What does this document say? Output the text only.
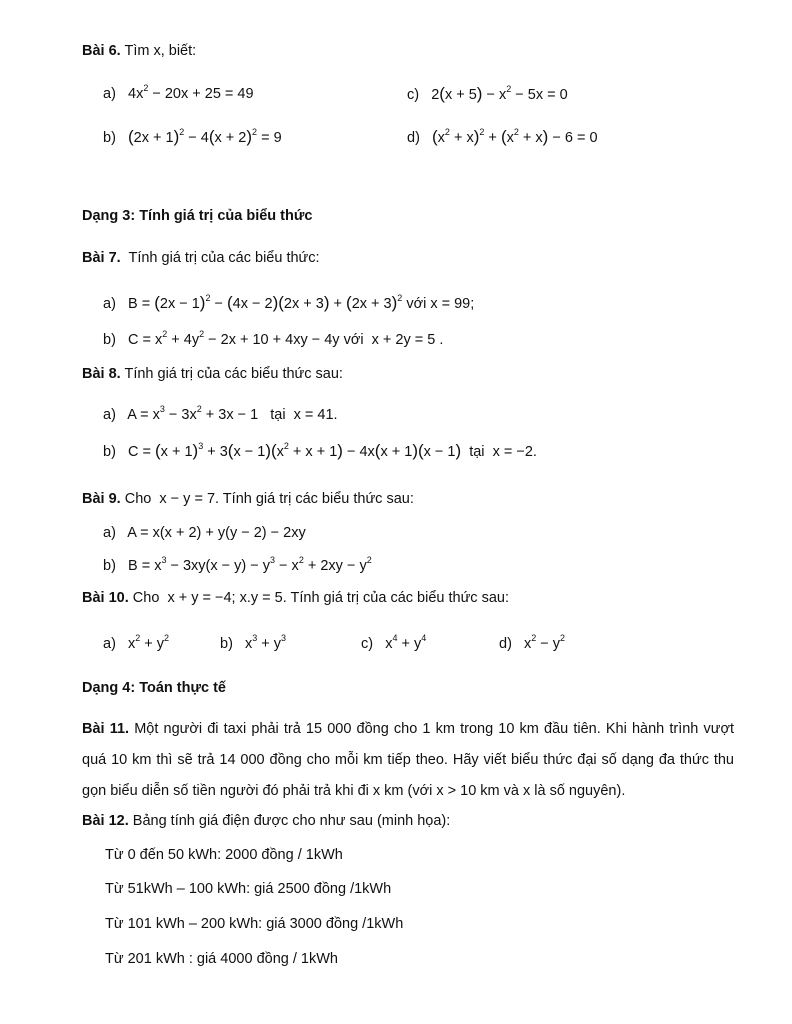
Bài 6. Tìm x, biết:
a) $4x^2 - 20x + 25 = 49$	c) $2(x + 5) - x^2 - 5x = 0$
b) $(2x + 1)^2 - 4(x + 2)^2 = 9$	d) $(x^2 + x)^2 + (x^2 + x) - 6 = 0$
Dạng 3: Tính giá trị của biểu thức
Bài 7. Tính giá trị của các biểu thức:
a) $B = (2x - 1)^2 - (4x - 2)(2x + 3) + (2x + 3)^2$ với x = 99;
b) $C = x^2 + 4y^2 - 2x + 10 + 4xy - 4y$ với  x + 2y = 5 .
Bài 8. Tính giá trị của các biểu thức sau:
a) $A = x^3 - 3x^2 + 3x - 1$ tại  x = 41.
b) $C = (x + 1)^3 + 3(x - 1)(x^2 + x + 1) - 4x(x + 1)(x - 1)$ tại  x = −2.
Bài 9. Cho  x − y = 7. Tính giá trị các biểu thức sau:
a) A = x(x + 2) + y(y − 2) − 2xy
b) $B = x^3 - 3xy(x - y) - y^3 - x^2 + 2xy - y^2$
Bài 10. Cho  x + y = −4; x.y = 5. Tính giá trị của các biểu thức sau:
a) $x^2 + y^2$	b) $x^3 + y^3$	c) $x^4 + y^4$	d) $x^2 - y^2$
Dạng 4: Toán thực tế
Bài 11. Một người đi taxi phải trả 15 000 đồng cho 1 km trong 10 km đầu tiên. Khi hành trình vượt quá 10 km thì sẽ trả 14 000 đồng cho mỗi km tiếp theo. Hãy viết biểu thức đại số dạng đa thức thu gọn biểu diễn số tiền người đó phải trả khi đi x km (với x > 10 km và x là số nguyên).
Bài 12. Bảng tính giá điện được cho như sau (minh họa):
Từ 0 đến 50 kWh: 2000 đồng / 1kWh
Từ 51kWh – 100 kWh: giá 2500 đồng /1kWh
Từ 101 kWh – 200 kWh: giá 3000 đồng /1kWh
Từ 201 kWh : giá 4000 đồng / 1kWh
